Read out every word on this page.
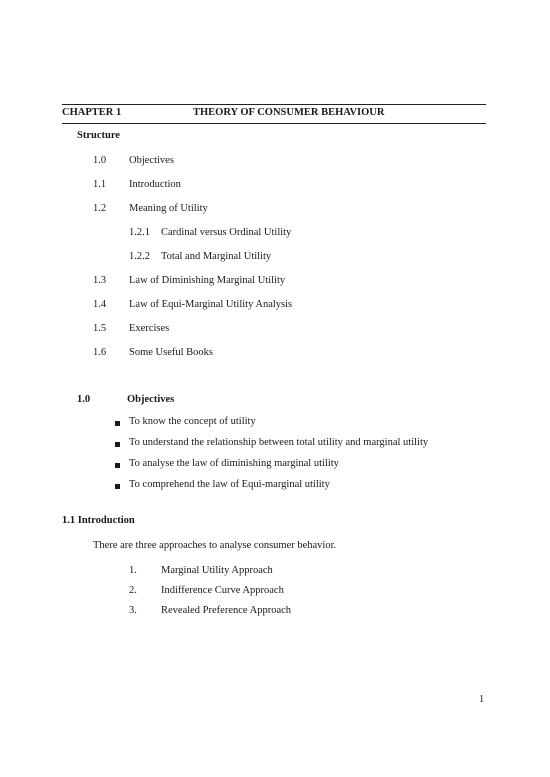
CHAPTER 1	THEORY OF CONSUMER BEHAVIOUR
Structure
1.0 Objectives
1.1 Introduction
1.2 Meaning of Utility
1.2.1 Cardinal versus Ordinal Utility
1.2.2 Total and Marginal Utility
1.3 Law of Diminishing Marginal Utility
1.4 Law of Equi-Marginal Utility Analysis
1.5 Exercises
1.6 Some Useful Books
1.0	Objectives
To know the concept of utility
To understand the relationship between total utility and marginal utility
To analyse the law of diminishing marginal utility
To comprehend the law of Equi-marginal utility
1.1 Introduction
There are three approaches to analyse consumer behavior.
1. Marginal Utility Approach
2. Indifference Curve Approach
3. Revealed Preference Approach
1
